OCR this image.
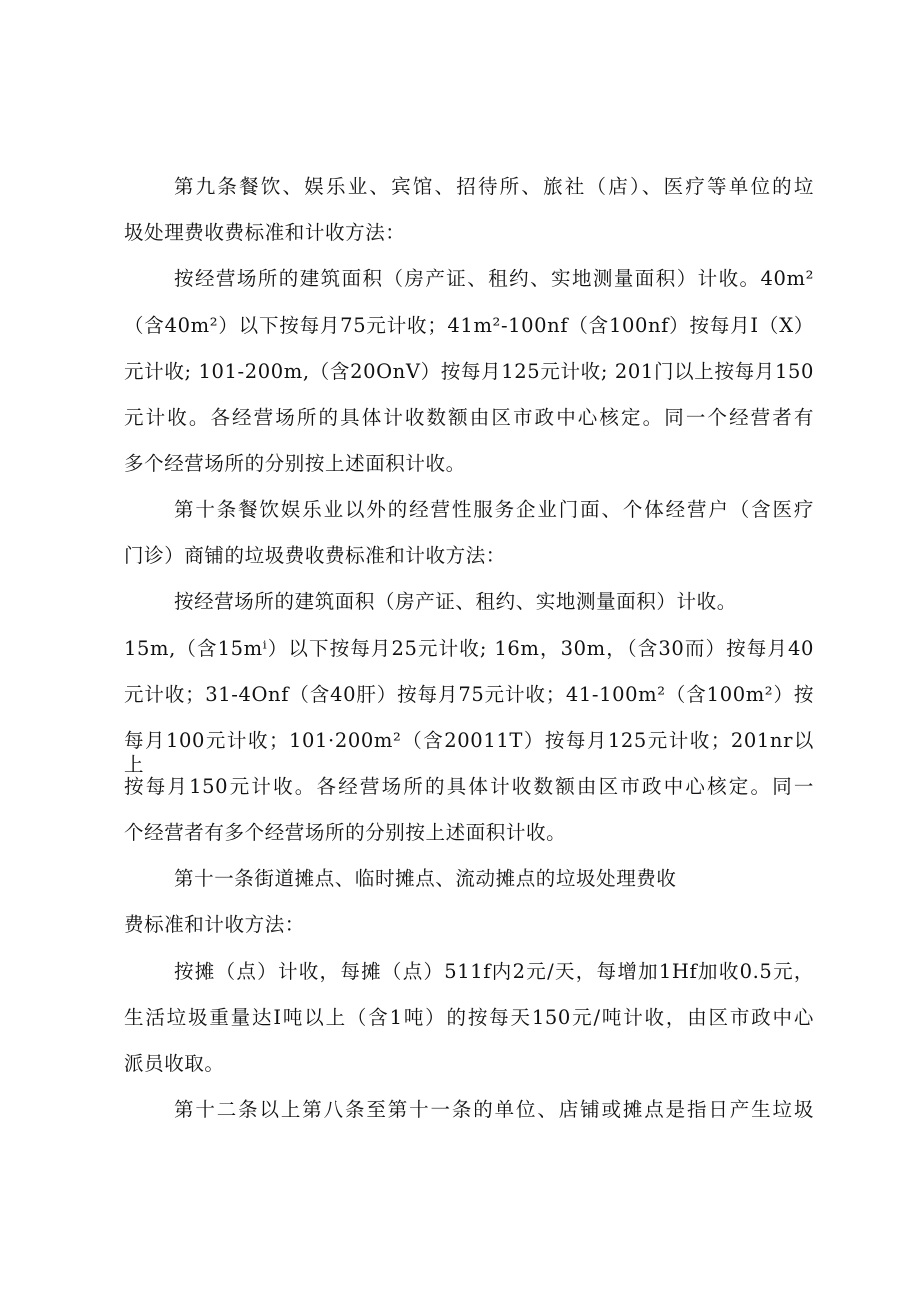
第九条餐饮、娱乐业、宾馆、招待所、旅社（店）、医疗等单位的垃
圾处理费收费标准和计收方法：
按经营场所的建筑面积（房产证、租约、实地测量面积）计收。40m²
（含40m²）以下按每月75元计收；41m²-100nf（含100nf）按每月I（X）
元计收; 101-200m,（含20OnV）按每月125元计收; 201门以上按每月150
元计收。各经营场所的具体计收数额由区市政中心核定。同一个经营者有
多个经营场所的分别按上述面积计收。
第十条餐饮娱乐业以外的经营性服务企业门面、个体经营户（含医疗
门诊）商铺的垃圾费收费标准和计收方法：
按经营场所的建筑面积（房产证、租约、实地测量面积）计收。
15m,（含15mⁱ）以下按每月25元计收; 16m，30m，（含30而）按每月40
元计收；31-4Onf（含40肝）按每月75元计收；41-100m²（含100m²）按
每月100元计收；101·200m²（含20011T）按每月125元计收；201nr以上
按每月150元计收。各经营场所的具体计收数额由区市政中心核定。同一
个经营者有多个经营场所的分别按上述面积计收。
第十一条街道摊点、临时摊点、流动摊点的垃圾处理费收
费标准和计收方法：
按摊（点）计收，每摊（点）511f内2元/天，每增加1Hf加收0.5元，
生活垃圾重量达I吨以上（含1吨）的按每天150元/吨计收，由区市政中心
派员收取。
第十二条以上第八条至第十一条的单位、店铺或摊点是指日产生垃圾
